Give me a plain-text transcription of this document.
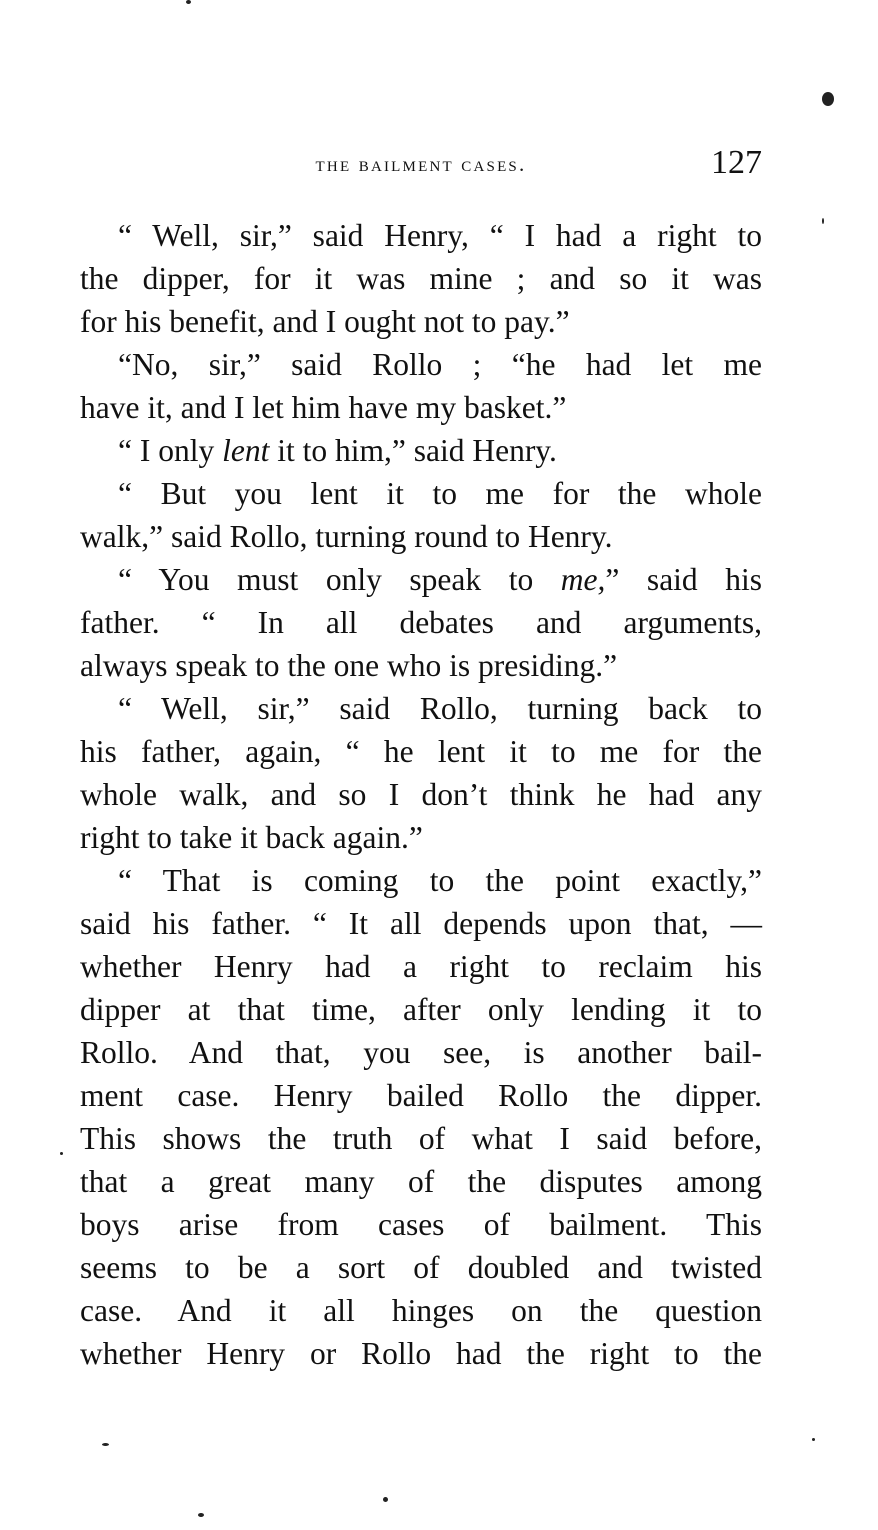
the bailment cases.	127
“ Well, sir,” said Henry, “ I had a right to
the dipper, for it was mine ; and so it was
for his benefit, and I ought not to pay.”
“No, sir,” said Rollo ; “he had let me
have it, and I let him have my basket.”
“ I only lent it to him,” said Henry.
“ But you lent it to me for the whole
walk,” said Rollo, turning round to Henry.
“ You must only speak to me,” said his
father. “ In all debates and arguments,
always speak to the one who is presiding.”
“ Well, sir,” said Rollo, turning back to
his father, again, “ he lent it to me for the
whole walk, and so I don’t think he had any
right to take it back again.”
“ That is coming to the point exactly,”
said his father. “ It all depends upon that, —
whether Henry had a right to reclaim his
dipper at that time, after only lending it to
Rollo. And that, you see, is another bail-
ment case. Henry bailed Rollo the dipper.
This shows the truth of what I said before,
that a great many of the disputes among
boys arise from cases of bailment. This
seems to be a sort of doubled and twisted
case. And it all hinges on the question
whether Henry or Rollo had the right to the
